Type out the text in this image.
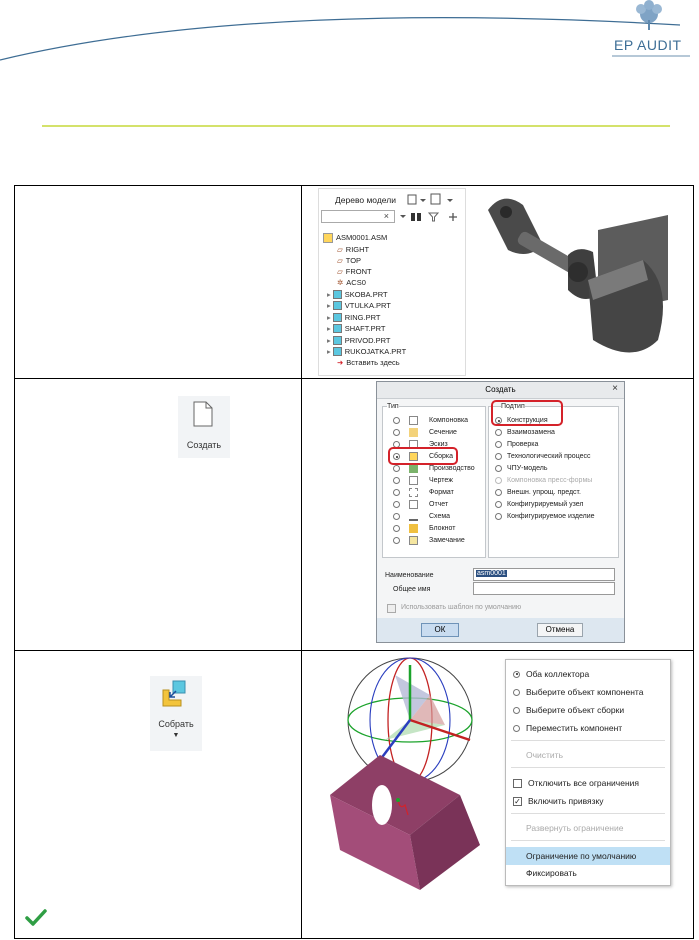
EP AUDIT
Дерево модели
×
ASM0001.ASM
▱ RIGHT
▱ TOP
▱ FRONT
✲ ACS0
▸ SKOBA.PRT
▸ VTULKA.PRT
▸ RING.PRT
▸ SHAFT.PRT
▸ PRIVOD.PRT
▸ RUKOJATKA.PRT
➜ Вставить здесь
Создать
Создать	×
Тип
Компоновка
Сечение
Эскиз
Сборка
Производство
Чертеж
Формат
Отчет
Схема
Блокнот
Замечание
Подтип
Конструкция
Взаимозамена
Проверка
Технологический процесс
ЧПУ-модель
Компоновка пресс-формы
Внешн. упрощ. предст.
Конфигурируемый узел
Конфигурируемое изделие
Наименование	asm0001
Общее имя
Использовать шаблон по умолчанию
ОК	Отмена
Собрать
▼
Оба коллектора
Выберите объект компонента
Выберите объект сборки
Переместить компонент
Очистить
Отключить все ограничения
✓ Включить привязку
Развернуть ограничение
Ограничение по умолчанию
Фиксировать
